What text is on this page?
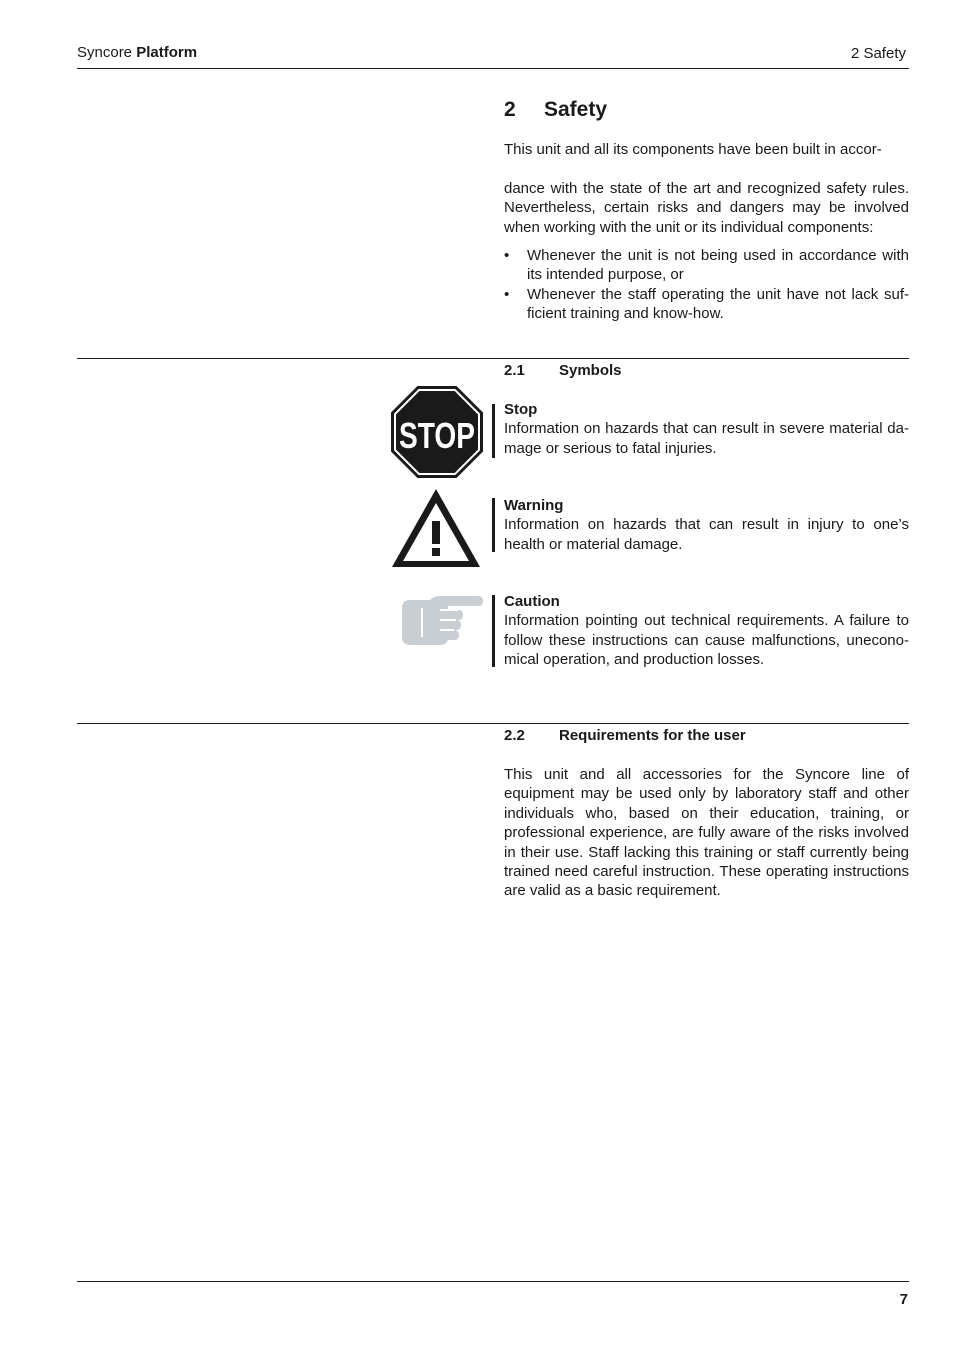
Syncore Platform	2 Safety
2 Safety
This unit and all its components have been built in accor-
dance with the state of the art and recognized safety rules. Nevertheless, certain risks and dangers may be involved when working with the unit or its individual components:
• Whenever the unit is not being used in accordance with its intended purpose, or
• Whenever the staff operating the unit have not lack sufficient training and know-how.
2.1 Symbols
STOP
Stop
Information on hazards that can result in severe material damage or serious to fatal injuries.
Warning
Information on hazards that can result in injury to one’s health or material damage.
Caution
Information pointing out technical requirements. A failure to follow these instructions can cause malfunctions, uneconomical operation, and production losses.
2.2 Requirements for the user
This unit and all accessories for the Syncore line of equipment may be used only by laboratory staff and other individuals who, based on their education, training, or professional experience, are fully aware of the risks involved in their use. Staff lacking this training or staff currently being trained need careful instruction. These operating instructions are valid as a basic requirement.
7
